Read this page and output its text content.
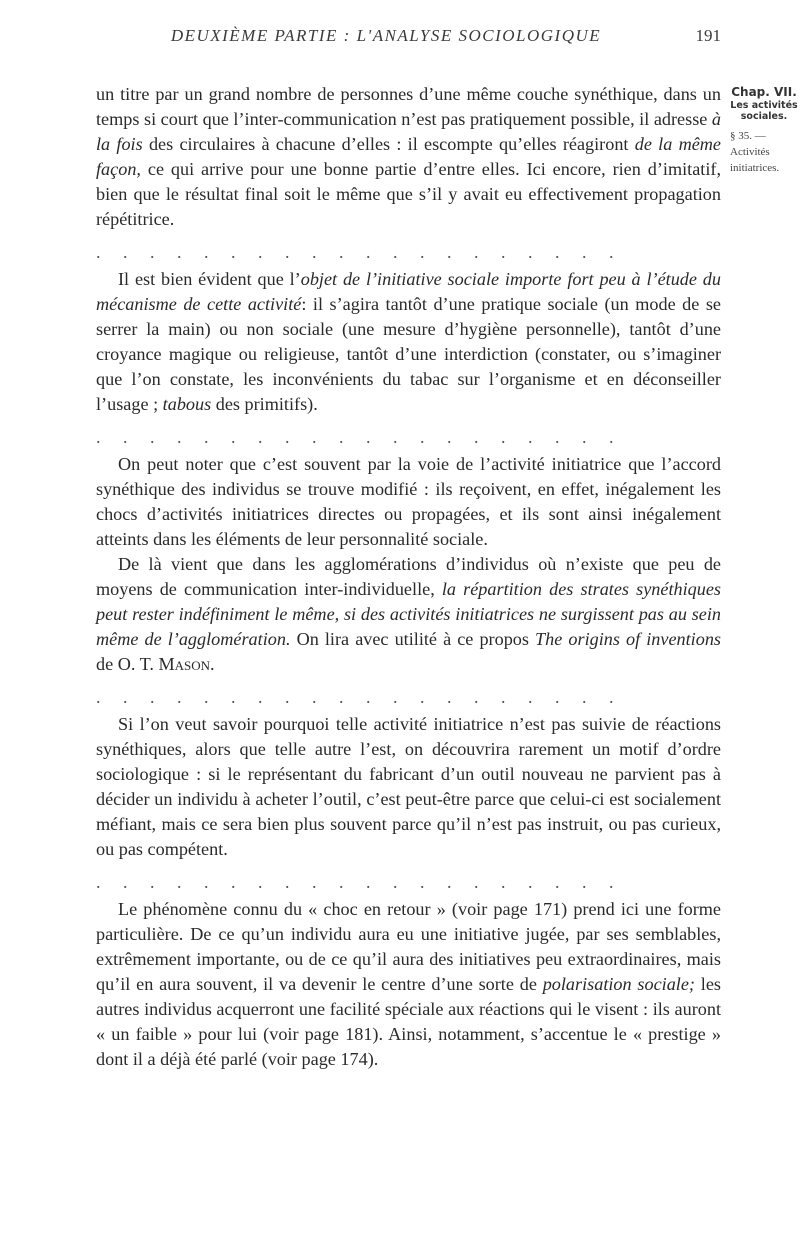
DEUXIÈME PARTIE : L'ANALYSE SOCIOLOGIQUE	191
Chap. VII.
Les activités sociales.
§ 35. — Activités initiatrices.

un titre par un grand nombre de personnes d’une même couche synéthique, dans un temps si court que l’inter-communication n’est pas pratiquement possible, il adresse à la fois des circulaires à chacune d’elles : il escompte qu’elles réagiront de la même façon, ce qui arrive pour une bonne partie d’entre elles. Ici encore, rien d’imitatif, bien que le résultat final soit le même que s’il y avait eu effectivement propagation répétitrice.

. . . . . . . . . . . . . . . . . . . .

Il est bien évident que l’objet de l’initiative sociale importe fort peu à l’étude du mécanisme de cette activité: il s’agira tantôt d’une pratique sociale (un mode de se serrer la main) ou non sociale (une mesure d’hygiène personnelle), tantôt d’une croyance magique ou religieuse, tantôt d’une interdiction (constater, ou s’imaginer que l’on constate, les inconvénients du tabac sur l’organisme et en déconseiller l’usage ; tabous des primitifs).

. . . . . . . . . . . . . . . . . . . .

On peut noter que c’est souvent par la voie de l’activité initiatrice que l’accord synéthique des individus se trouve modifié : ils reçoivent, en effet, inégalement les chocs d’activités initiatrices directes ou propagées, et ils sont ainsi inégalement atteints dans les éléments de leur personnalité sociale.

De là vient que dans les agglomérations d’individus où n’existe que peu de moyens de communication inter-individuelle, la répartition des strates synéthiques peut rester indéfiniment le même, si des activités initiatrices ne surgissent pas au sein même de l’agglomération. On lira avec utilité à ce propos The origins of inventions de O. T. Mason.

. . . . . . . . . . . . . . . . . . . .

Si l’on veut savoir pourquoi telle activité initiatrice n’est pas suivie de réactions synéthiques, alors que telle autre l’est, on découvrira rarement un motif d’ordre sociologique : si le représentant du fabricant d’un outil nouveau ne parvient pas à décider un individu à acheter l’outil, c’est peut-être parce que celui-ci est socialement méfiant, mais ce sera bien plus souvent parce qu’il n’est pas instruit, ou pas curieux, ou pas compétent.

. . . . . . . . . . . . . . . . . . . .

Le phénomène connu du « choc en retour » (voir page 171) prend ici une forme particulière. De ce qu’un individu aura eu une initiative jugée, par ses semblables, extrêmement importante, ou de ce qu’il aura des initiatives peu extraordinaires, mais qu’il en aura souvent, il va devenir le centre d’une sorte de polarisation sociale; les autres individus acquerront une facilité spéciale aux réactions qui le visent : ils auront « un faible » pour lui (voir page 181). Ainsi, notamment, s’accentue le « prestige » dont il a déjà été parlé (voir page 174).
